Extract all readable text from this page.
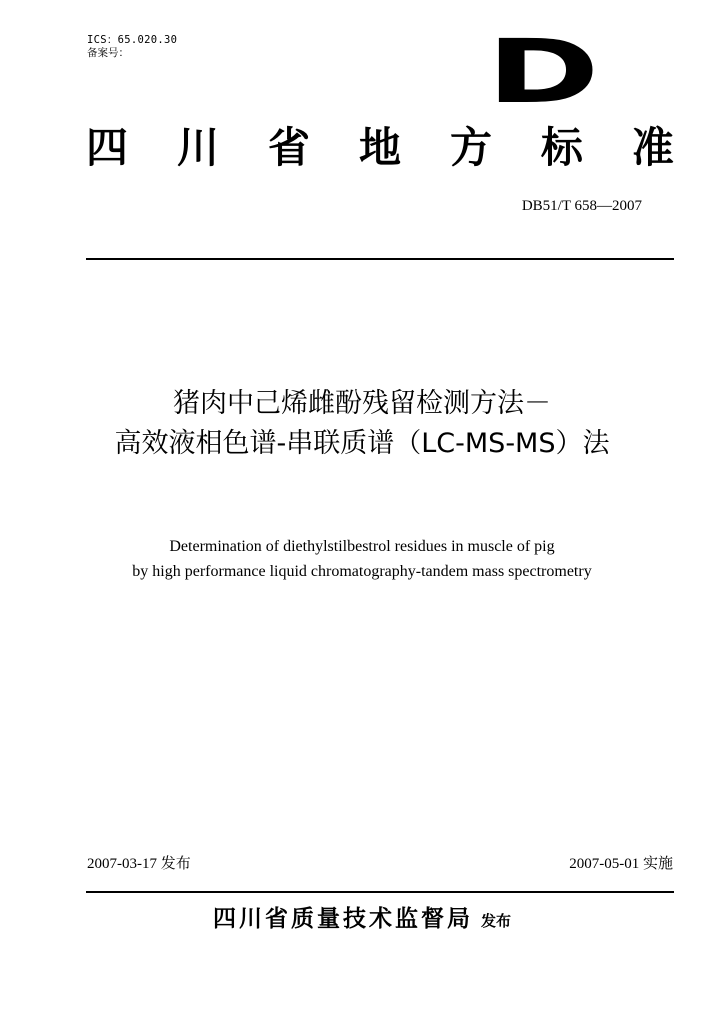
ICS：65.020.30
备案号：	D
四 川 省 地 方 标 准
DB51/T 658—2007
猪肉中己烯雌酚残留检测方法－
高效液相色谱-串联质谱（LC-MS-MS）法
Determination of diethylstilbestrol residues in muscle of pig
by high performance liquid chromatography-tandem mass spectrometry
2007-03-17 发布	2007-05-01 实施
四川省质量技术监督局 发布
